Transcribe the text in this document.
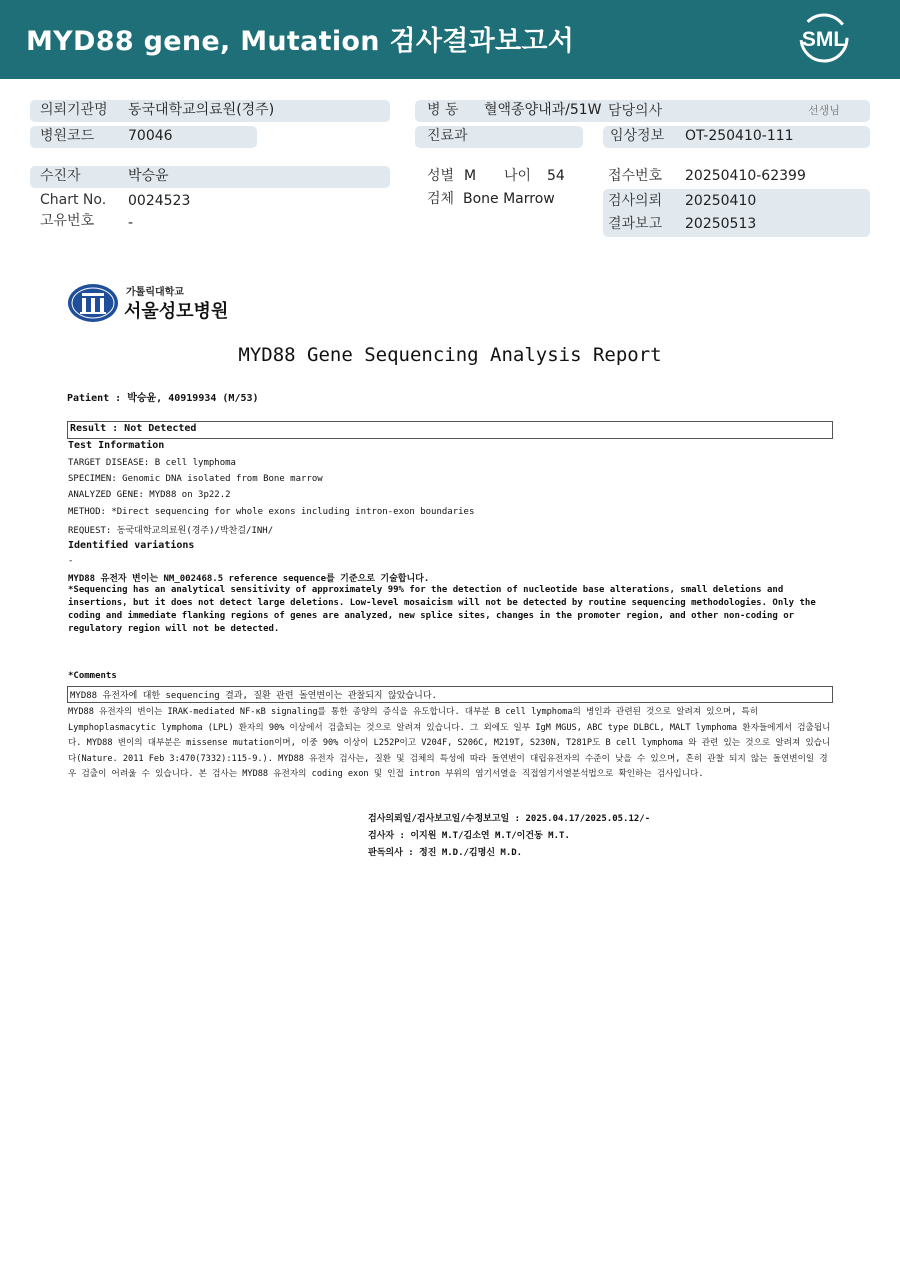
MYD88 gene, Mutation 검사결과보고서	SML
의뢰기관명 동국대학교의료원(경주)	병 동 혈액종양내과/51W 담당의사	선생님
병원코드 70046	진료과	임상정보 OT-250410-111
수진자	박승윤	성별 M 나이 54	접수번호 20250410-62399
Chart No. 0024523	검체 Bone Marrow	검사의뢰 20250410
고유번호 -	결과보고 20250513
가톨릭대학교
서울성모병원
MYD88 Gene Sequencing Analysis Report
Patient : 박승윤, 40919934 (M/53)
Result : Not Detected
Test Information
TARGET DISEASE: B cell lymphoma
SPECIMEN: Genomic DNA isolated from Bone marrow
ANALYZED GENE: MYD88 on 3p22.2
METHOD: *Direct sequencing for whole exons including intron-exon boundaries
REQUEST: 동국대학교의료원(경주)/박찬걸/INH/
Identified variations
-
MYD88 유전자 변이는 NM_002468.5 reference sequence를 기준으로 기술합니다.
*Sequencing has an analytical sensitivity of approximately 99% for the detection of nucleotide base alterations, small deletions and insertions, but it does not detect large deletions. Low-level mosaicism will not be detected by routine sequencing methodologies. Only the coding and immediate flanking regions of genes are analyzed, new splice sites, changes in the promoter region, and other non-coding or regulatory region will not be detected.
*Comments
MYD88 유전자에 대한 sequencing 결과, 질환 관련 돌연변이는 관찰되지 않았습니다.
MYD88 유전자의 변이는 IRAK-mediated NF-κB signaling를 통한 종양의 증식을 유도합니다. 대부분 B cell lymphoma의 병인과 관련된 것으로 알려져 있으며, 특히 Lymphoplasmacytic lymphoma (LPL) 환자의 90% 이상에서 검출되는 것으로 알려져 있습니다. 그 외에도 일부 IgM MGUS, ABC type DLBCL, MALT lymphoma 환자들에게서 검출됩니다. MYD88 변이의 대부분은 missense mutation이며, 이중 90% 이상이 L252P이고 V204F, S206C, M219T, S230N, T281P도 B cell lymphoma 와 관련 있는 것으로 알려져 있습니다(Nature. 2011 Feb 3:470(7332):115-9.). MYD88 유전자 검사는, 질환 및 검체의 특성에 따라 돌연변이 대립유전자의 수준이 낮을 수 있으며, 흔히 관찰 되지 않는 돌연변이일 경우 검출이 어려울 수 있습니다. 본 검사는 MYD88 유전자의 coding exon 및 인접 intron 부위의 염기서열을 직접염기서열분석법으로 확인하는 검사입니다.
검사의뢰일/검사보고일/수정보고일 : 2025.04.17/2025.05.12/-
검사자 : 이지원 M.T/김소연 M.T/이건동 M.T.
판독의사 : 정진 M.D./김명신 M.D.
